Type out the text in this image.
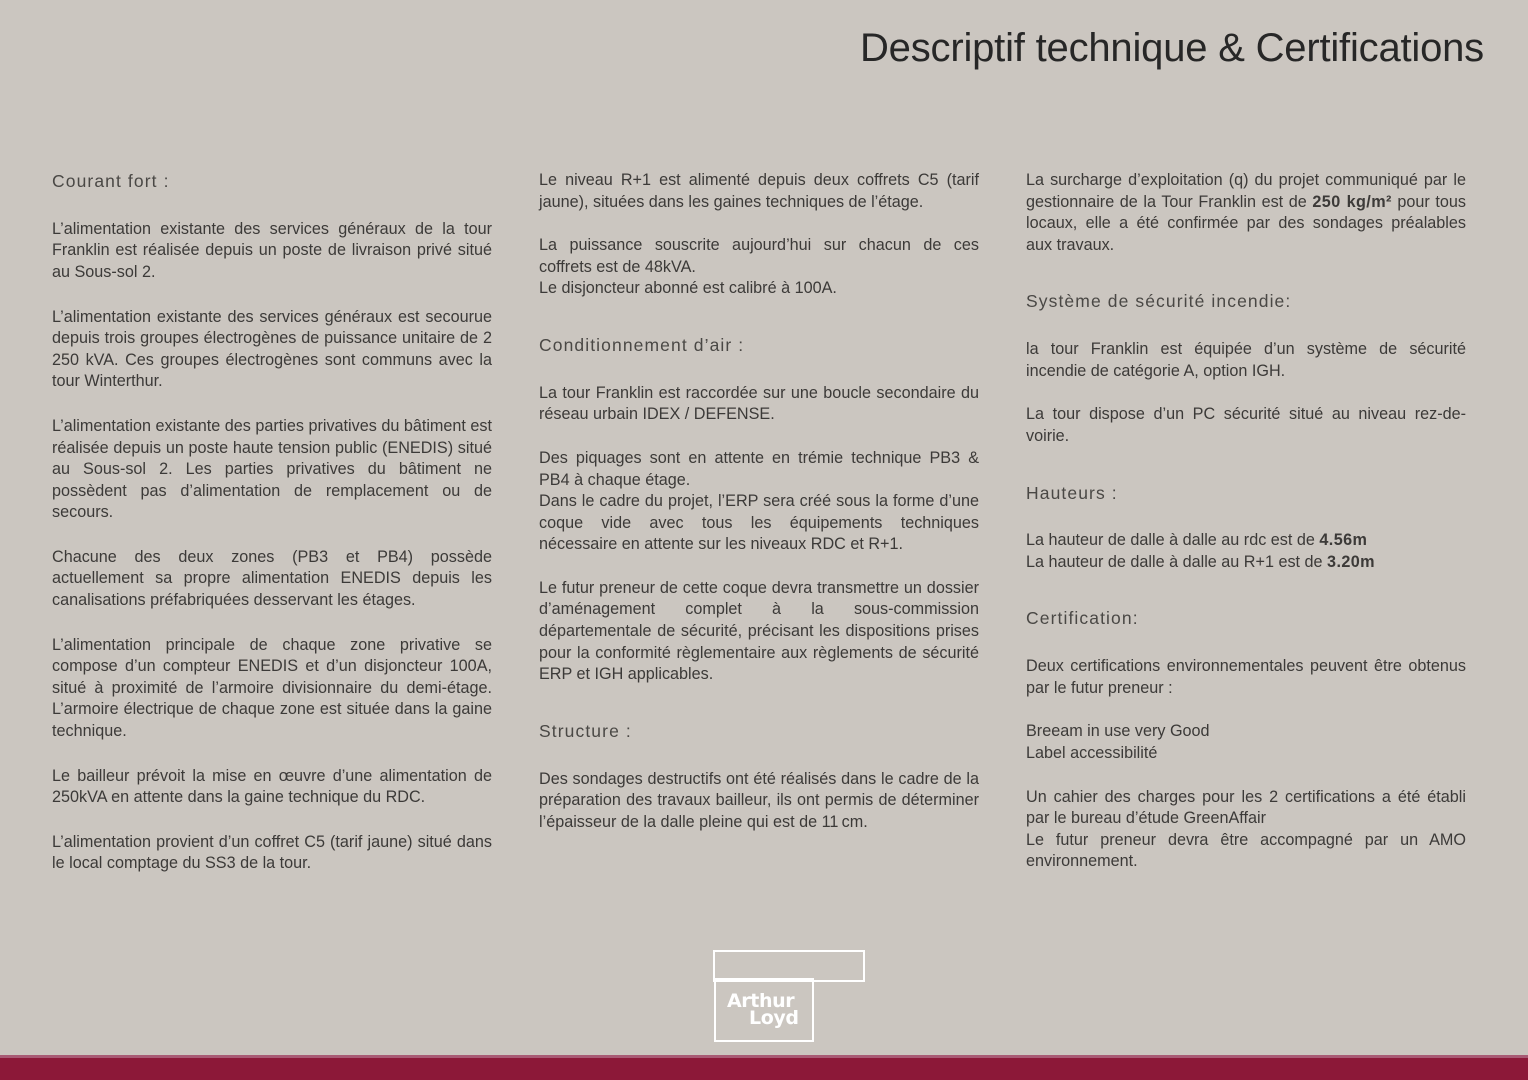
Descriptif technique & Certifications
Courant fort :

L’alimentation existante des services généraux de la tour Franklin est réalisée depuis un poste de livraison privé situé au Sous-sol 2.

L’alimentation existante des services généraux est secourue depuis trois groupes électrogènes de puissance unitaire de 2 250 kVA. Ces groupes électrogènes sont communs avec la tour Winterthur.

L’alimentation existante des parties privatives du bâtiment est réalisée depuis un poste haute tension public (ENEDIS) situé au Sous-sol 2. Les parties privatives du bâtiment ne possèdent pas d’alimentation de remplacement ou de secours.

Chacune des deux zones (PB3 et PB4) possède actuellement sa propre alimentation ENEDIS depuis les canalisations préfabriquées desservant les étages.

L’alimentation principale de chaque zone privative se compose d’un compteur ENEDIS et d’un disjoncteur 100A, situé à proximité de l’armoire divisionnaire du demi-étage. L’armoire électrique de chaque zone est située dans la gaine technique.

Le bailleur prévoit la mise en œuvre d’une alimentation de 250kVA en attente dans la gaine technique du RDC.

L’alimentation provient d’un coffret C5 (tarif jaune) situé dans le local comptage du SS3 de la tour.

Le niveau R+1 est alimenté depuis deux coffrets C5 (tarif jaune), situées dans les gaines techniques de l’étage.

La puissance souscrite aujourd’hui sur chacun de ces coffrets est de 48kVA.
Le disjoncteur abonné est calibré à 100A.

Conditionnement d’air :

La tour Franklin est raccordée sur une boucle secondaire du réseau urbain IDEX / DEFENSE.

Des piquages sont en attente en trémie technique PB3 & PB4 à chaque étage.
Dans le cadre du projet, l’ERP sera créé sous la forme d’une coque vide avec tous les équipements techniques nécessaire en attente sur les niveaux RDC et R+1.

Le futur preneur de cette coque devra transmettre un dossier d’aménagement complet à la sous-commission départementale de sécurité, précisant les dispositions prises pour la conformité règlementaire aux règlements de sécurité ERP et IGH applicables.

Structure :

Des sondages destructifs ont été réalisés dans le cadre de la préparation des travaux bailleur, ils ont permis de déterminer l’épaisseur de la dalle pleine qui est de 11 cm.

La surcharge d’exploitation (q) du projet communiqué par le gestionnaire de la Tour Franklin est de 250 kg/m² pour tous locaux, elle a été confirmée par des sondages préalables aux travaux.

Système de sécurité incendie:

la tour Franklin est équipée d’un système de sécurité incendie de catégorie A, option IGH.

La tour dispose d’un PC sécurité situé au niveau rez-de-voirie.

Hauteurs :

La hauteur de dalle à dalle au rdc est de 4.56m
La hauteur de dalle à dalle au R+1 est de 3.20m

Certification:

Deux certifications environnementales peuvent être obtenus par le futur preneur :

Breeam in use very Good
Label accessibilité

Un cahier des charges pour les 2 certifications a été établi par le bureau d’étude GreenAffair
Le futur preneur devra être accompagné par un AMO environnement.

Arthur
Loyd
